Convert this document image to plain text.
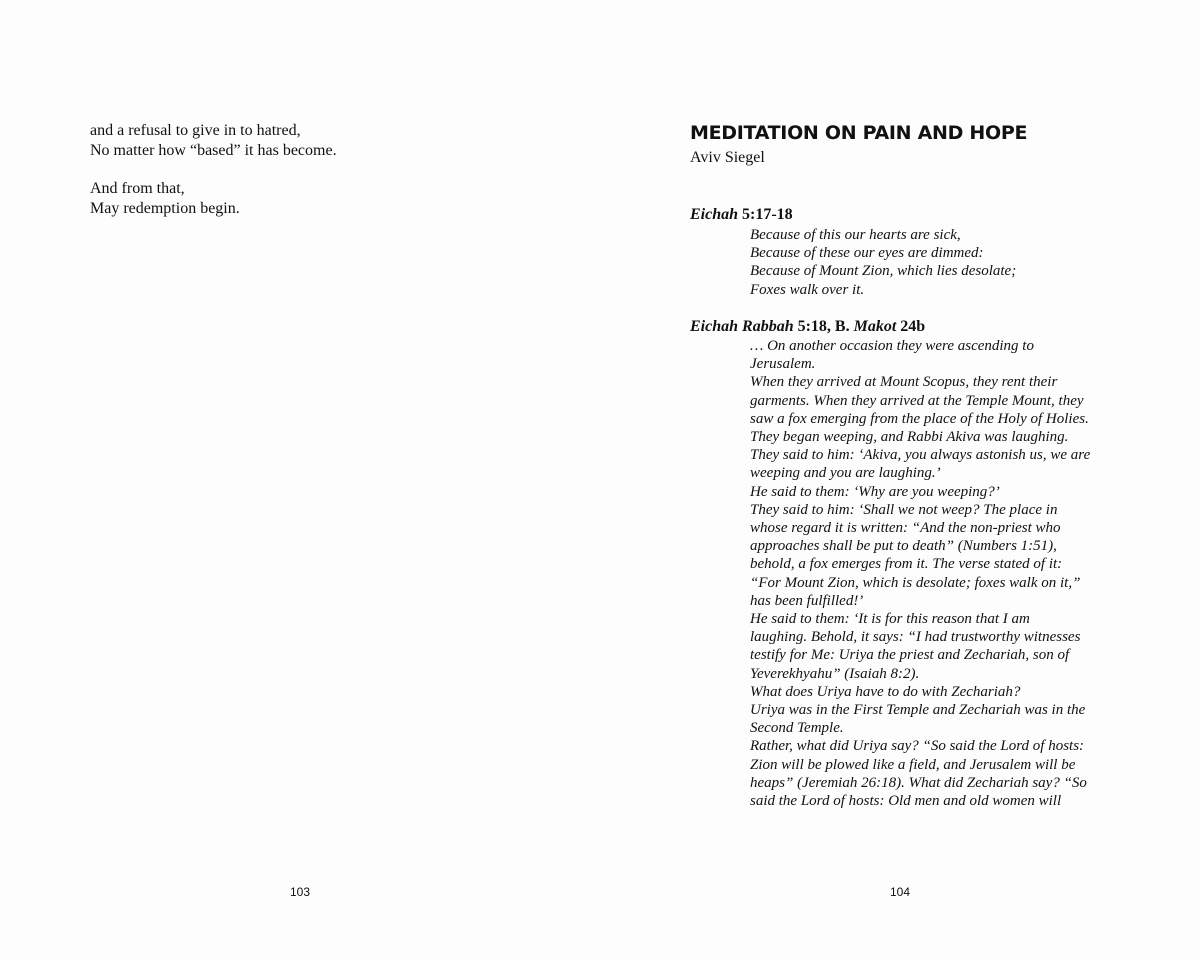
and a refusal to give in to hatred,
No matter how “based” it has become.
And from that,
May redemption begin.
103
MEDITATION ON PAIN AND HOPE
Aviv Siegel
Eichah 5:17-18
Because of this our hearts are sick,
Because of these our eyes are dimmed:
Because of Mount Zion, which lies desolate;
Foxes walk over it.
Eichah Rabbah 5:18, B. Makot 24b
… On another occasion they were ascending to
Jerusalem.
When they arrived at Mount Scopus, they rent their
garments. When they arrived at the Temple Mount, they
saw a fox emerging from the place of the Holy of Holies.
They began weeping, and Rabbi Akiva was laughing.
They said to him: ‘Akiva, you always astonish us, we are
weeping and you are laughing.’
He said to them: ‘Why are you weeping?’
They said to him: ‘Shall we not weep? The place in
whose regard it is written: “And the non-priest who
approaches shall be put to death” (Numbers 1:51),
behold, a fox emerges from it. The verse stated of it:
“For Mount Zion, which is desolate; foxes walk on it,”
has been fulfilled!’
He said to them: ‘It is for this reason that I am
laughing. Behold, it says: “I had trustworthy witnesses
testify for Me: Uriya the priest and Zechariah, son of
Yeverekhyahu” (Isaiah 8:2).
What does Uriya have to do with Zechariah?
Uriya was in the First Temple and Zechariah was in the
Second Temple.
Rather, what did Uriya say? “So said the Lord of hosts:
Zion will be plowed like a field, and Jerusalem will be
heaps” (Jeremiah 26:18). What did Zechariah say? “So
said the Lord of hosts: Old men and old women will
104
